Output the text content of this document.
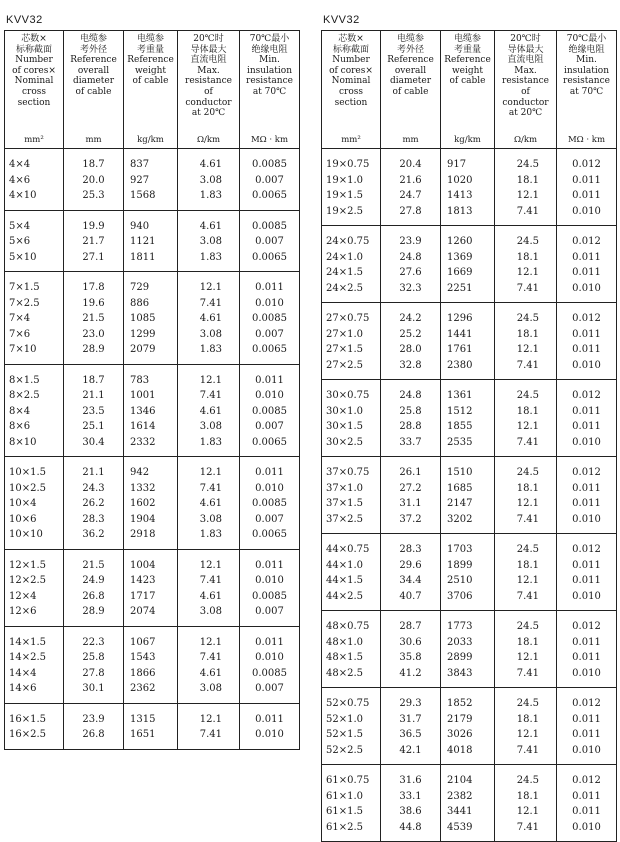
KVV32
芯数×
标称截面
Number
of cores×
Nominal
cross
section
mm²
电缆参
考外径
Reference
overall
diameter
of cable
mm
电缆参
考重量
Reference
weight
of cable
kg/km
20℃时
导体最大
直流电阻
Max.
resistance
of
conductor
at 20℃
Ω/km
70℃最小
绝缘电阻
Min.
insulation
resistance
at 70℃
MΩ · km
4×4
4×6
4×10
18.7
20.0
25.3
837
927
1568
4.61
3.08
1.83
0.0085
0.007
0.0065
5×4
5×6
5×10
19.9
21.7
27.1
940
1121
1811
4.61
3.08
1.83
0.0085
0.007
0.0065
7×1.5
7×2.5
7×4
7×6
7×10
17.8
19.6
21.5
23.0
28.9
729
886
1085
1299
2079
12.1
7.41
4.61
3.08
1.83
0.011
0.010
0.0085
0.007
0.0065
8×1.5
8×2.5
8×4
8×6
8×10
18.7
21.1
23.5
25.1
30.4
783
1001
1346
1614
2332
12.1
7.41
4.61
3.08
1.83
0.011
0.010
0.0085
0.007
0.0065
10×1.5
10×2.5
10×4
10×6
10×10
21.1
24.3
26.2
28.3
36.2
942
1332
1602
1904
2918
12.1
7.41
4.61
3.08
1.83
0.011
0.010
0.0085
0.007
0.0065
12×1.5
12×2.5
12×4
12×6
21.5
24.9
26.8
28.9
1004
1423
1717
2074
12.1
7.41
4.61
3.08
0.011
0.010
0.0085
0.007
14×1.5
14×2.5
14×4
14×6
22.3
25.8
27.8
30.1
1067
1543
1866
2362
12.1
7.41
4.61
3.08
0.011
0.010
0.0085
0.007
16×1.5
16×2.5
23.9
26.8
1315
1651
12.1
7.41
0.011
0.010
KVV32
芯数×
标称截面
Number
of cores×
Nominal
cross
section
mm²
电缆参
考外径
Reference
overall
diameter
of cable
mm
电缆参
考重量
Reference
weight
of cable
kg/km
20℃时
导体最大
直流电阻
Max.
resistance
of
conductor
at 20℃
Ω/km
70℃最小
绝缘电阻
Min.
insulation
resistance
at 70℃
MΩ · km
19×0.75
19×1.0
19×1.5
19×2.5
20.4
21.6
24.7
27.8
917
1020
1413
1813
24.5
18.1
12.1
7.41
0.012
0.011
0.011
0.010
24×0.75
24×1.0
24×1.5
24×2.5
23.9
24.8
27.6
32.3
1260
1369
1669
2251
24.5
18.1
12.1
7.41
0.012
0.011
0.011
0.010
27×0.75
27×1.0
27×1.5
27×2.5
24.2
25.2
28.0
32.8
1296
1441
1761
2380
24.5
18.1
12.1
7.41
0.012
0.011
0.011
0.010
30×0.75
30×1.0
30×1.5
30×2.5
24.8
25.8
28.8
33.7
1361
1512
1855
2535
24.5
18.1
12.1
7.41
0.012
0.011
0.011
0.010
37×0.75
37×1.0
37×1.5
37×2.5
26.1
27.2
31.1
37.2
1510
1685
2147
3202
24.5
18.1
12.1
7.41
0.012
0.011
0.011
0.010
44×0.75
44×1.0
44×1.5
44×2.5
28.3
29.6
34.4
40.7
1703
1899
2510
3706
24.5
18.1
12.1
7.41
0.012
0.011
0.011
0.010
48×0.75
48×1.0
48×1.5
48×2.5
28.7
30.6
35.8
41.2
1773
2033
2899
3843
24.5
18.1
12.1
7.41
0.012
0.011
0.011
0.010
52×0.75
52×1.0
52×1.5
52×2.5
29.3
31.7
36.5
42.1
1852
2179
3026
4018
24.5
18.1
12.1
7.41
0.012
0.011
0.011
0.010
61×0.75
61×1.0
61×1.5
61×2.5
31.6
33.1
38.6
44.8
2104
2382
3441
4539
24.5
18.1
12.1
7.41
0.012
0.011
0.011
0.010
